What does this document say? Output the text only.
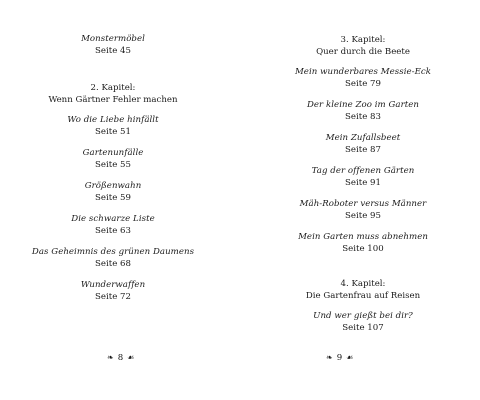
Monstermöbel
Seite 45
2. Kapitel:
Wenn Gärtner Fehler machen
Wo die Liebe hinfällt
Seite 51
Gartenunfälle
Seite 55
Größenwahn
Seite 59
Die schwarze Liste
Seite 63
Das Geheimnis des grünen Daumens
Seite 68
Wunderwaffen
Seite 72
❧ 8 ☙
3. Kapitel:
Quer durch die Beete
Mein wunderbares Messie-Eck
Seite 79
Der kleine Zoo im Garten
Seite 83
Mein Zufallsbeet
Seite 87
Tag der offenen Gärten
Seite 91
Mäh-Roboter versus Männer
Seite 95
Mein Garten muss abnehmen
Seite 100
4. Kapitel:
Die Gartenfrau auf Reisen
Und wer gießt bei dir?
Seite 107
❧ 9 ☙
